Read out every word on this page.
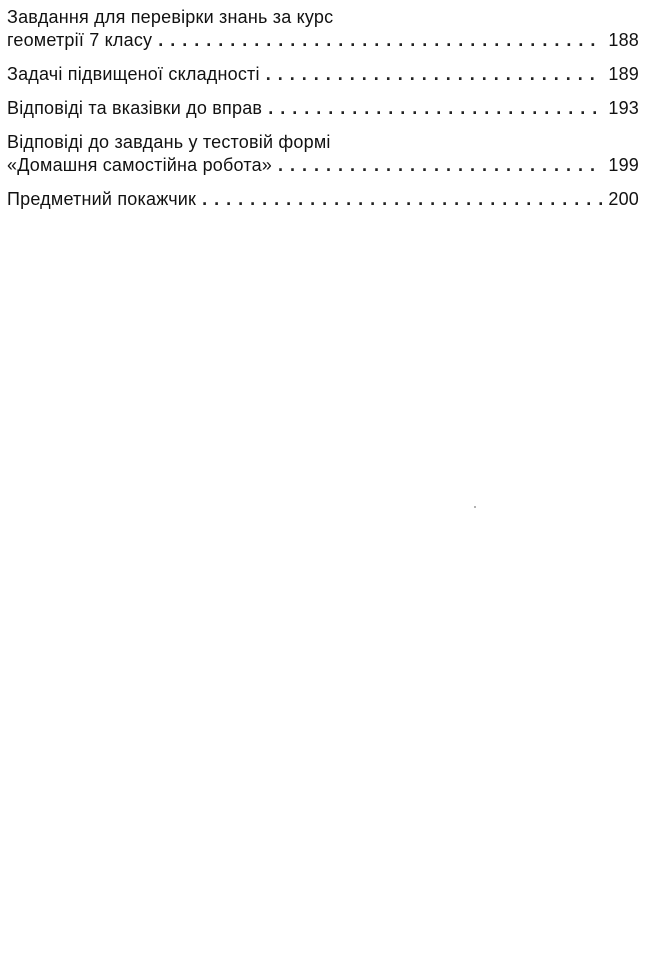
Завдання для перевірки знань за курс
геометрії 7 класу . . .	188
Задачі підвищеної складності . . .	189
Відповіді та вказівки до вправ . . .	193
Відповіді до завдань у тестовій формі
«Домашня самостійна робота» . . .	199
Предметний покажчик . . .	200
